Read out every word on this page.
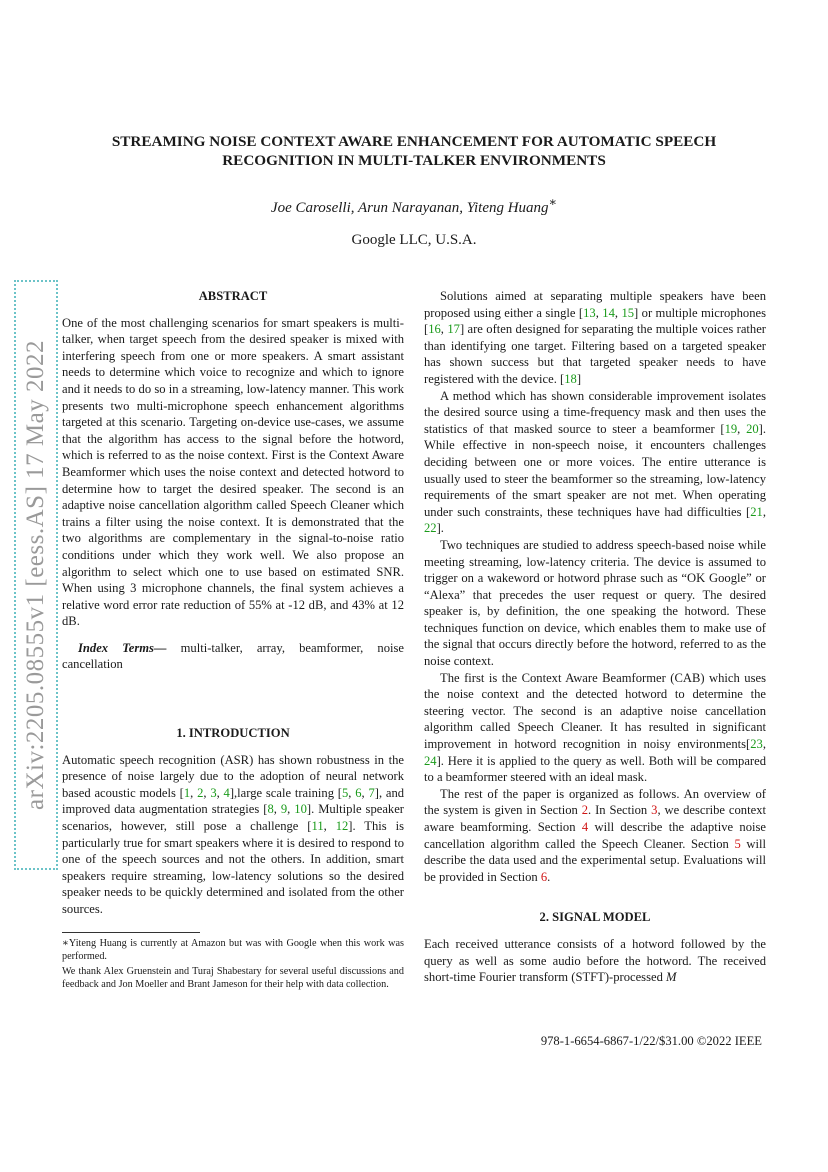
arXiv:2205.08555v1 [eess.AS] 17 May 2022
STREAMING NOISE CONTEXT AWARE ENHANCEMENT FOR AUTOMATIC SPEECH RECOGNITION IN MULTI-TALKER ENVIRONMENTS
Joe Caroselli, Arun Narayanan, Yiteng Huang∗
Google LLC, U.S.A.
ABSTRACT

One of the most challenging scenarios for smart speakers is multi-talker, when target speech from the desired speaker is mixed with interfering speech from one or more speakers. A smart assistant needs to determine which voice to recognize and which to ignore and it needs to do so in a streaming, low-latency manner. This work presents two multi-microphone speech enhancement algorithms targeted at this scenario. Targeting on-device use-cases, we assume that the algorithm has access to the signal before the hotword, which is referred to as the noise context. First is the Context Aware Beamformer which uses the noise context and detected hotword to determine how to target the desired speaker. The second is an adaptive noise cancellation algorithm called Speech Cleaner which trains a filter using the noise context. It is demonstrated that the two algorithms are complementary in the signal-to-noise ratio conditions under which they work well. We also propose an algorithm to select which one to use based on estimated SNR. When using 3 microphone channels, the final system achieves a relative word error rate reduction of 55% at -12 dB, and 43% at 12 dB.

Index Terms— multi-talker, array, beamformer, noise cancellation

1. INTRODUCTION

Automatic speech recognition (ASR) has shown robustness in the presence of noise largely due to the adoption of neural network based acoustic models [1, 2, 3, 4],large scale training [5, 6, 7], and improved data augmentation strategies [8, 9, 10]. Multiple speaker scenarios, however, still pose a challenge [11, 12]. This is particularly true for smart speakers where it is desired to respond to one of the speech sources and not the others. In addition, smart speakers require streaming, low-latency solutions so the desired speaker needs to be quickly determined and isolated from the other sources.

∗Yiteng Huang is currently at Amazon but was with Google when this work was performed.

We thank Alex Gruenstein and Turaj Shabestary for several useful discussions and feedback and Jon Moeller and Brant Jameson for their help with data collection.

Solutions aimed at separating multiple speakers have been proposed using either a single [13, 14, 15] or multiple microphones [16, 17] are often designed for separating the multiple voices rather than identifying one target. Filtering based on a targeted speaker has shown success but that targeted speaker needs to have registered with the device. [18]

A method which has shown considerable improvement isolates the desired source using a time-frequency mask and then uses the statistics of that masked source to steer a beamformer [19, 20]. While effective in non-speech noise, it encounters challenges deciding between one or more voices. The entire utterance is usually used to steer the beamformer so the streaming, low-latency requirements of the smart speaker are not met. When operating under such constraints, these techniques have had difficulties [21, 22].

Two techniques are studied to address speech-based noise while meeting streaming, low-latency criteria. The device is assumed to trigger on a wakeword or hotword phrase such as “OK Google” or “Alexa” that precedes the user request or query. The desired speaker is, by definition, the one speaking the hotword. These techniques function on device, which enables them to make use of the signal that occurs directly before the hotword, referred to as the noise context.

The first is the Context Aware Beamformer (CAB) which uses the noise context and the detected hotword to determine the steering vector. The second is an adaptive noise cancellation algorithm called Speech Cleaner. It has resulted in significant improvement in hotword recognition in noisy environments[23, 24]. Here it is applied to the query as well. Both will be compared to a beamformer steered with an ideal mask.

The rest of the paper is organized as follows. An overview of the system is given in Section 2. In Section 3, we describe context aware beamforming. Section 4 will describe the adaptive noise cancellation algorithm called the Speech Cleaner. Section 5 will describe the data used and the experimental setup. Evaluations will be provided in Section 6.

2. SIGNAL MODEL

Each received utterance consists of a hotword followed by the query as well as some audio before the hotword. The received short-time Fourier transform (STFT)-processed M

978-1-6654-6867-1/22/$31.00 ©2022 IEEE
